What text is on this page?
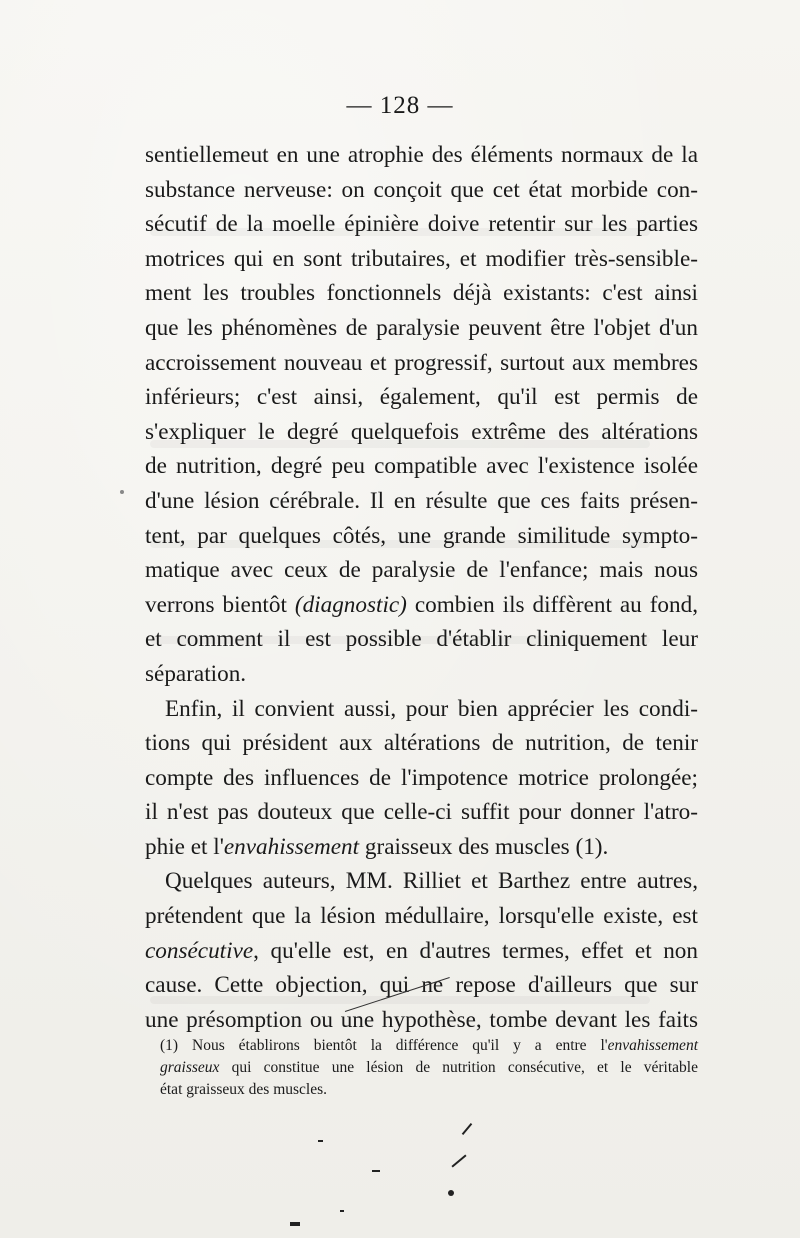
— 128 —
sentiellemeut en une atrophie des éléments normaux de la
substance nerveuse: on conçoit que cet état morbide con-
sécutif de la moelle épinière doive retentir sur les parties
motrices qui en sont tributaires, et modifier très-sensible-
ment les troubles fonctionnels déjà existants: c'est ainsi
que les phénomènes de paralysie peuvent être l'objet d'un
accroissement nouveau et progressif, surtout aux membres
inférieurs; c'est ainsi, également, qu'il est permis de
s'expliquer le degré quelquefois extrême des altérations
de nutrition, degré peu compatible avec l'existence isolée
d'une lésion cérébrale. Il en résulte que ces faits présen-
tent, par quelques côtés, une grande similitude sympto-
matique avec ceux de paralysie de l'enfance; mais nous
verrons bientôt (diagnostic) combien ils diffèrent au fond,
et comment il est possible d'établir cliniquement leur
séparation.
Enfin, il convient aussi, pour bien apprécier les condi-
tions qui président aux altérations de nutrition, de tenir
compte des influences de l'impotence motrice prolongée;
il n'est pas douteux que celle-ci suffit pour donner l'atro-
phie et l'envahissement graisseux des muscles (1).
Quelques auteurs, MM. Rilliet et Barthez entre autres,
prétendent que la lésion médullaire, lorsqu'elle existe, est
consécutive, qu'elle est, en d'autres termes, effet et non
cause. Cette objection, qui ne repose d'ailleurs que sur
une présomption ou une hypothèse, tombe devant les faits
(1) Nous établirons bientôt la différence qu'il y a entre l'envahissement
graisseux qui constitue une lésion de nutrition consécutive, et le véritable
état graisseux des muscles.
